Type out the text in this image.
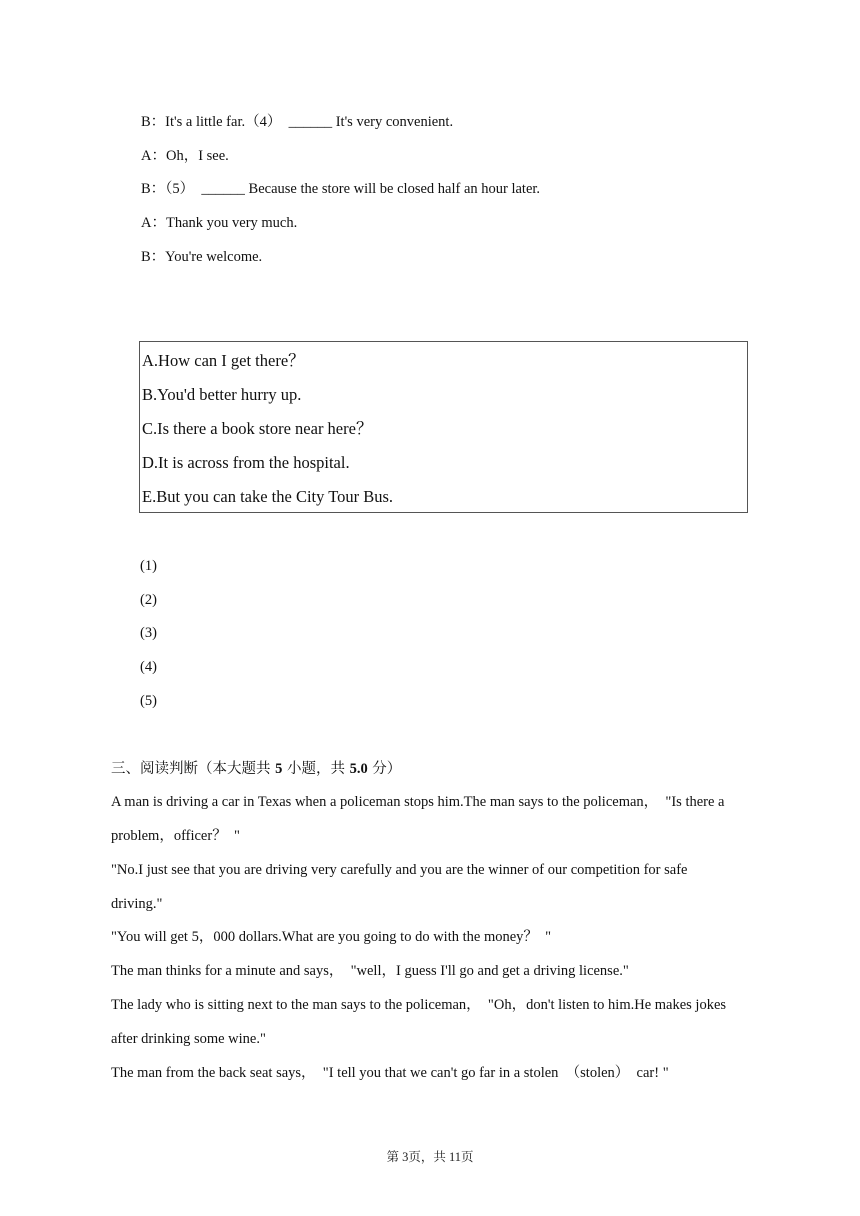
B：It's a little far.（4）  ______ It's very convenient.
A：Oh，I see.
B：（5）  ______ Because the store will be closed half an hour later.
A：Thank you very much.
B：You're welcome.
A.How can I get there？
B.You'd better hurry up.
C.Is there a book store near here？
D.It is across from the hospital.
E.But you can take the City Tour Bus.
(1)
(2)
(3)
(4)
(5)
三、阅读判断（本大题共 5 小题，共 5.0 分）
A man is driving a car in Texas when a policeman stops him.The man says to the policeman，  "Is there a
problem，officer？  "
"No.I just see that you are driving very carefully and you are the winner of our competition for safe
driving."
"You will get 5，000 dollars.What are you going to do with the money？  "
The man thinks for a minute and says，  "well，I guess I'll go and get a driving license."
The lady who is sitting next to the man says to the policeman，  "Oh，don't listen to him.He makes jokes
after drinking some wine."
The man from the back seat says，  "I tell you that we can't go far in a stolen  （stolen）  car! "
第 3页，共 11页
